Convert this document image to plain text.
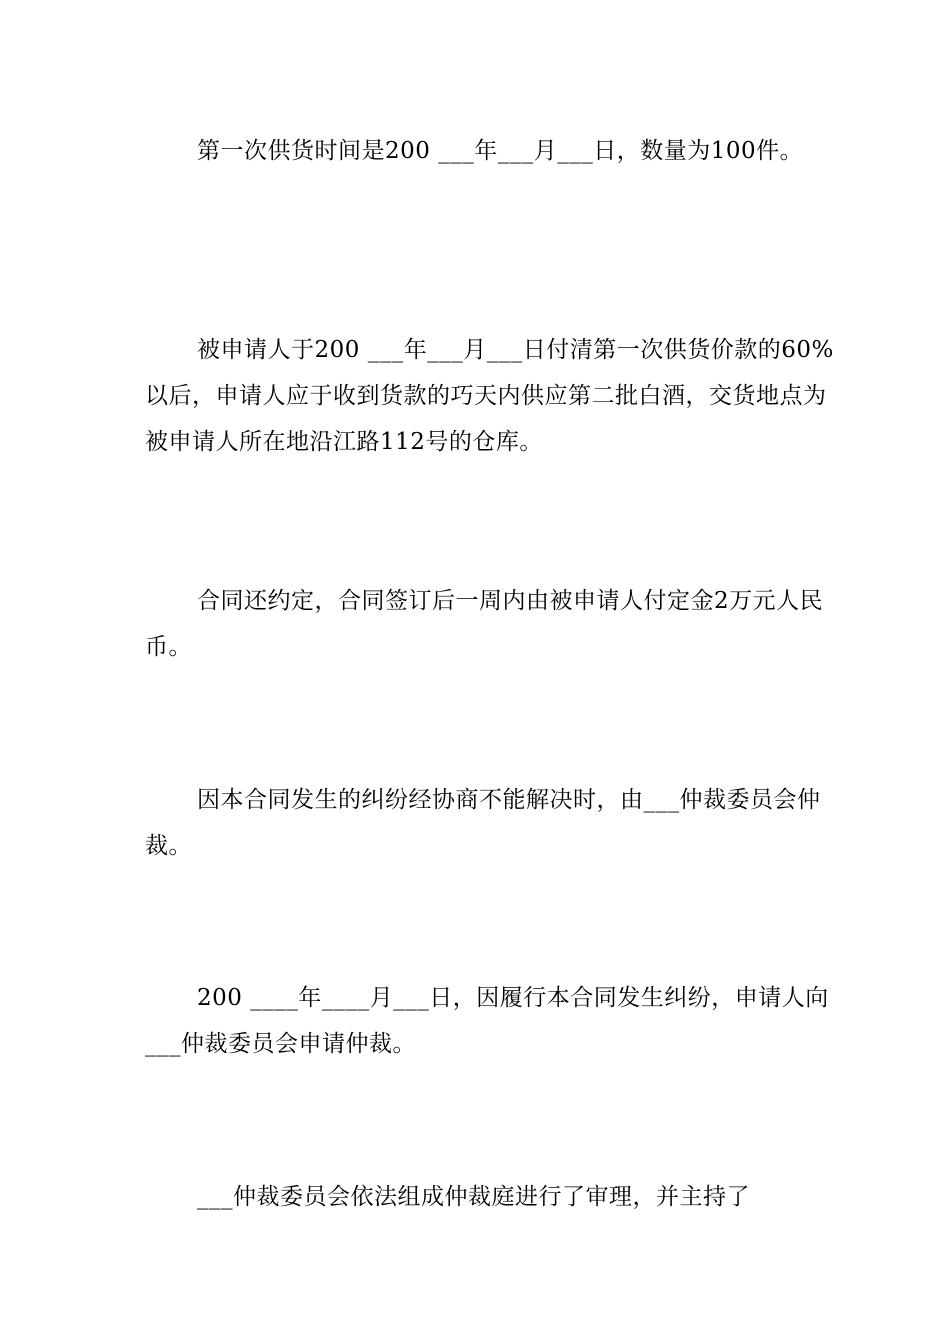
第一次供货时间是200 ___年___月___日，数量为100件。

被申请人于200 ___年___月___日付清第一次供货价款的60%以后，申请人应于收到货款的巧天内供应第二批白酒，交货地点为被申请人所在地沿江路112号的仓库。

合同还约定，合同签订后一周内由被申请人付定金2万元人民币。

因本合同发生的纠纷经协商不能解决时，由___仲裁委员会仲裁。

200 ____年____月___日，因履行本合同发生纠纷，申请人向___仲裁委员会申请仲裁。

___仲裁委员会依法组成仲裁庭进行了审理，并主持了
